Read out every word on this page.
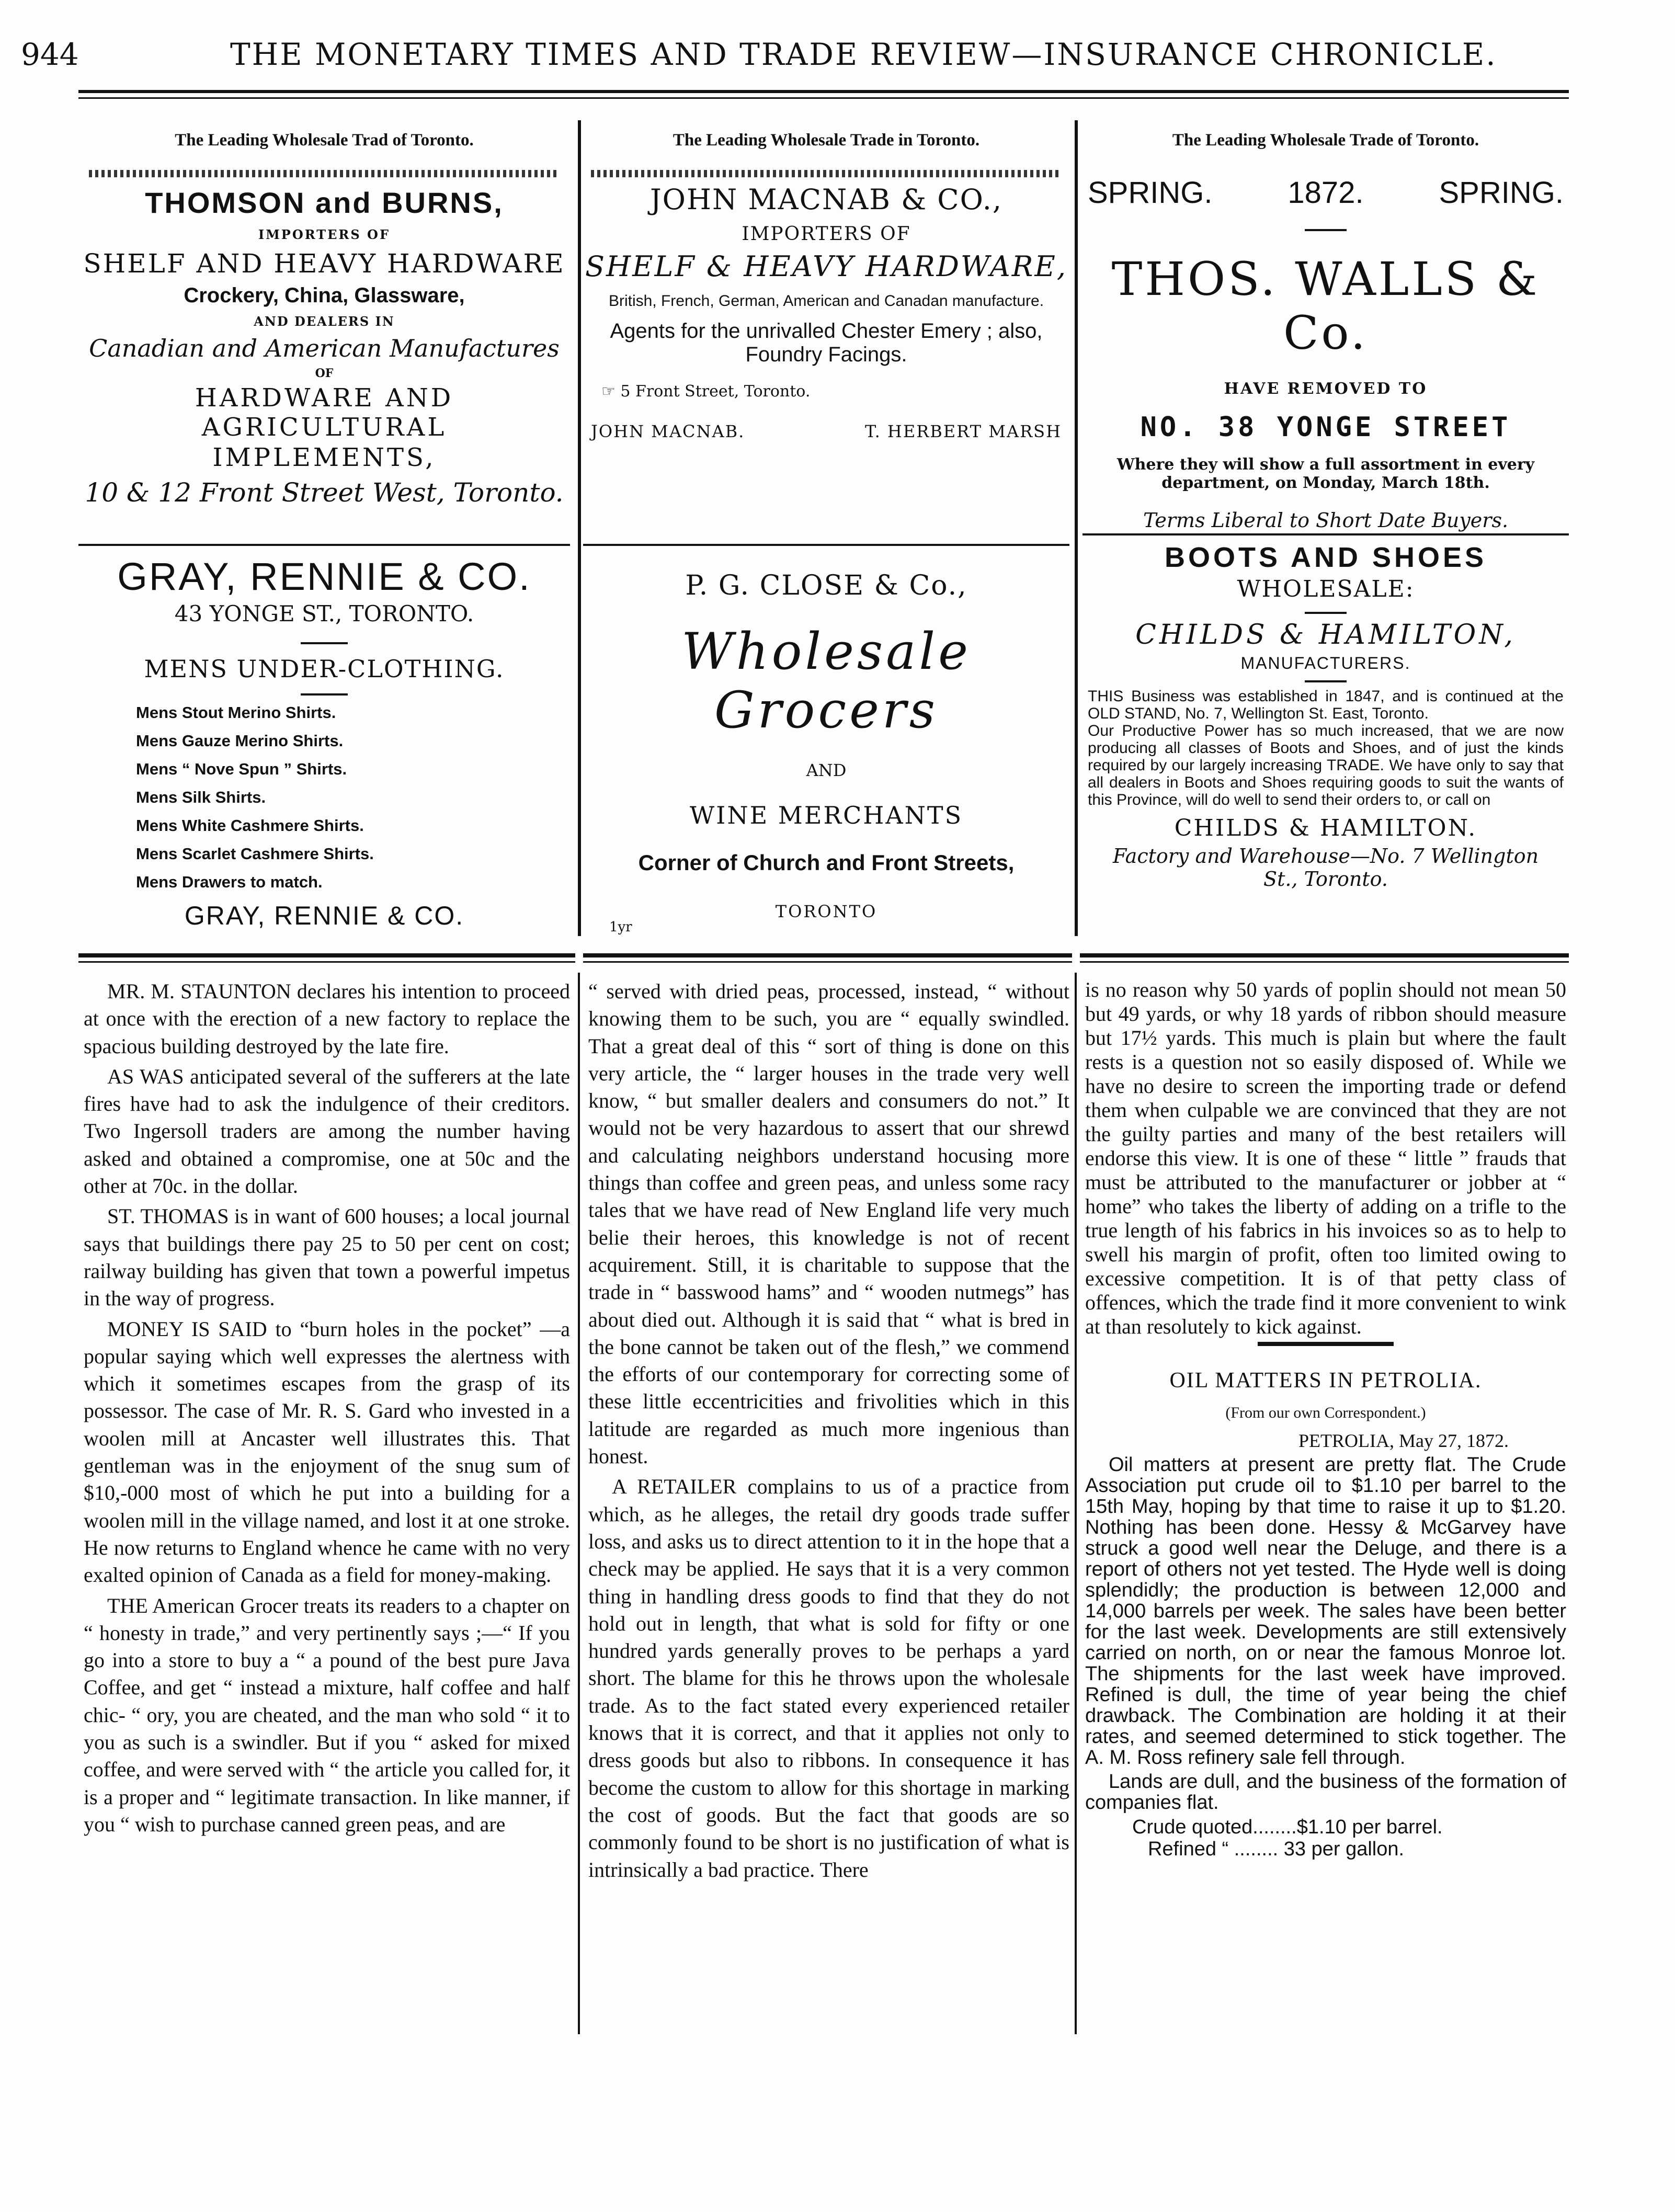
944	THE MONETARY TIMES AND TRADE REVIEW—INSURANCE CHRONICLE.
The Leading Wholesale Trad of Toronto.
THOMSON and BURNS,
IMPORTERS OF
SHELF AND HEAVY HARDWARE
Crockery, China, Glassware,
AND DEALERS IN
Canadian and American Manufactures
OF
HARDWARE AND AGRICULTURAL
IMPLEMENTS,
10 & 12 Front Street West, Toronto.
GRAY, RENNIE & CO.
43 YONGE ST., TORONTO.
MENS UNDER-CLOTHING.
Mens Stout Merino Shirts.
Mens Gauze Merino Shirts.
Mens “ Nove Spun ” Shirts.
Mens Silk Shirts.
Mens White Cashmere Shirts.
Mens Scarlet Cashmere Shirts.
Mens Drawers to match.
GRAY, RENNIE & CO.
The Leading Wholesale Trade in Toronto.
JOHN MACNAB & CO.,
IMPORTERS OF
SHELF & HEAVY HARDWARE,
British, French, German, American and Canadan manufacture.
Agents for the unrivalled Chester Emery ; also, Foundry Facings.
☞ 5 Front Street, Toronto.
JOHN MACNAB.	T. HERBERT MARSH
P. G. CLOSE & Co.,
Wholesale Grocers
AND
WINE MERCHANTS
Corner of Church and Front Streets,
TORONTO
1yr
The Leading Wholesale Trade of Toronto.
SPRING. 1872. SPRING.
THOS. WALLS & Co.
HAVE REMOVED TO
NO. 38 YONGE STREET
Where they will show a full assortment in every department, on Monday, March 18th.
Terms Liberal to Short Date Buyers.
BOOTS AND SHOES
WHOLESALE:
CHILDS & HAMILTON,
MANUFACTURERS.
THIS Business was established in 1847, and is continued at the OLD STAND, No. 7, Wellington St. East, Toronto.
Our Productive Power has so much increased, that we are now producing all classes of Boots and Shoes, and of just the kinds required by our largely increasing TRADE. We have only to say that all dealers in Boots and Shoes requiring goods to suit the wants of this Province, will do well to send their orders to, or call on
CHILDS & HAMILTON.
Factory and Warehouse—No. 7 Wellington St., Toronto.

MR. M. STAUNTON declares his intention to proceed at once with the erection of a new factory to replace the spacious building destroyed by the late fire.

AS WAS anticipated several of the sufferers at the late fires have had to ask the indulgence of their creditors. Two Ingersoll traders are among the number having asked and obtained a compromise, one at 50c and the other at 70c. in the dollar.

ST. THOMAS is in want of 600 houses; a local journal says that buildings there pay 25 to 50 per cent on cost; railway building has given that town a powerful impetus in the way of progress.

MONEY IS SAID to “burn holes in the pocket” —a popular saying which well expresses the alertness with which it sometimes escapes from the grasp of its possessor. The case of Mr. R. S. Gard who invested in a woolen mill at Ancaster well illustrates this. That gentleman was in the enjoyment of the snug sum of $10,-000 most of which he put into a building for a woolen mill in the village named, and lost it at one stroke. He now returns to England whence he came with no very exalted opinion of Canada as a field for money-making.

THE American Grocer treats its readers to a chapter on “ honesty in trade,” and very pertinently says ;—“ If you go into a store to buy a “ a pound of the best pure Java Coffee, and get “ instead a mixture, half coffee and half chic- “ ory, you are cheated, and the man who sold “ it to you as such is a swindler. But if you “ asked for mixed coffee, and were served with “ the article you called for, it is a proper and “ legitimate transaction. In like manner, if you “ wish to purchase canned green peas, and are

“ served with dried peas, processed, instead, “ without knowing them to be such, you are “ equally swindled. That a great deal of this “ sort of thing is done on this very article, the “ larger houses in the trade very well know, “ but smaller dealers and consumers do not.” It would not be very hazardous to assert that our shrewd and calculating neighbors understand hocusing more things than coffee and green peas, and unless some racy tales that we have read of New England life very much belie their heroes, this knowledge is not of recent acquirement. Still, it is charitable to suppose that the trade in “ basswood hams” and “ wooden nutmegs” has about died out. Although it is said that “ what is bred in the bone cannot be taken out of the flesh,” we commend the efforts of our contemporary for correcting some of these little eccentricities and frivolities which in this latitude are regarded as much more ingenious than honest.

A RETAILER complains to us of a practice from which, as he alleges, the retail dry goods trade suffer loss, and asks us to direct attention to it in the hope that a check may be applied. He says that it is a very common thing in handling dress goods to find that they do not hold out in length, that what is sold for fifty or one hundred yards generally proves to be perhaps a yard short. The blame for this he throws upon the wholesale trade. As to the fact stated every experienced retailer knows that it is correct, and that it applies not only to dress goods but also to ribbons. In consequence it has become the custom to allow for this shortage in marking the cost of goods. But the fact that goods are so commonly found to be short is no justification of what is intrinsically a bad practice. There

is no reason why 50 yards of poplin should not mean 50 but 49 yards, or why 18 yards of ribbon should measure but 17½ yards. This much is plain but where the fault rests is a question not so easily disposed of. While we have no desire to screen the importing trade or defend them when culpable we are convinced that they are not the guilty parties and many of the best retailers will endorse this view. It is one of these “ little ” frauds that must be attributed to the manufacturer or jobber at “ home” who takes the liberty of adding on a trifle to the true length of his fabrics in his invoices so as to help to swell his margin of profit, often too limited owing to excessive competition. It is of that petty class of offences, which the trade find it more convenient to wink at than resolutely to kick against.

OIL MATTERS IN PETROLIA.
(From our own Correspondent.)
PETROLIA, May 27, 1872.

Oil matters at present are pretty flat. The Crude Association put crude oil to $1.10 per barrel to the 15th May, hoping by that time to raise it up to $1.20. Nothing has been done. Hessy & McGarvey have struck a good well near the Deluge, and there is a report of others not yet tested. The Hyde well is doing splendidly; the production is between 12,000 and 14,000 barrels per week. The sales have been better for the last week. Developments are still extensively carried on north, on or near the famous Monroe lot. The shipments for the last week have improved. Refined is dull, the time of year being the chief drawback. The Combination are holding it at their rates, and seemed determined to stick together. The A. M. Ross refinery sale fell through.

Lands are dull, and the business of the formation of companies flat.

Crude quoted........$1.10 per barrel.
Refined “ ........ 33 per gallon.
